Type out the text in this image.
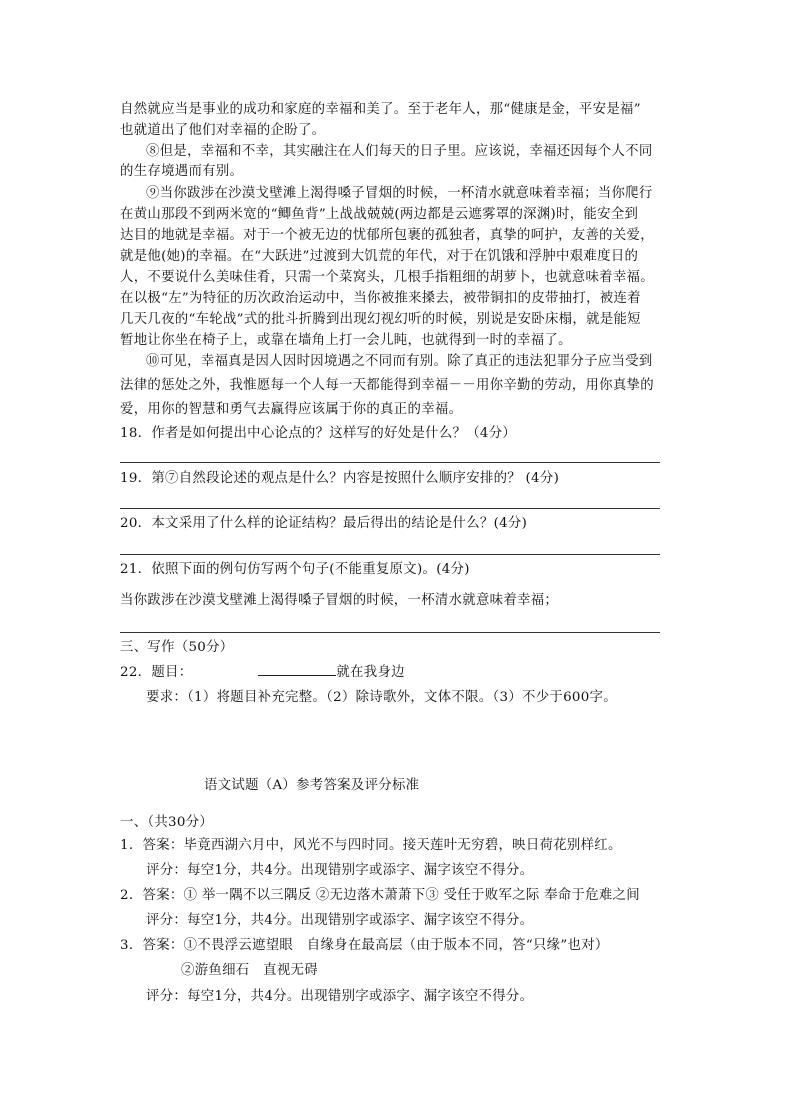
自然就应当是事业的成功和家庭的幸福和美了。至于老年人，那“健康是金，平安是福”
也就道出了他们对幸福的企盼了。
⑧但是，幸福和不幸，其实融注在人们每天的日子里。应该说，幸福还因每个人不同
的生存境遇而有别。
⑨当你跋涉在沙漠戈壁滩上渴得嗓子冒烟的时候，一杯清水就意味着幸福；当你爬行
在黄山那段不到两米宽的“鲫鱼背”上战战兢兢(两边都是云遮雾罩的深渊)时，能安全到
达目的地就是幸福。对于一个被无边的忧郁所包裹的孤独者，真挚的呵护，友善的关爱，
就是他(她)的幸福。在“大跃进”过渡到大饥荒的年代，对于在饥饿和浮肿中艰难度日的
人，不要说什么美味佳肴，只需一个菜窝头，几根手指粗细的胡萝卜，也就意味着幸福。
在以极“左”为特征的历次政治运动中，当你被推来搡去，被带铜扣的皮带抽打，被连着
几天几夜的“车轮战”式的批斗折腾到出现幻视幻听的时候，别说是安卧床榻，就是能短
暂地让你坐在椅子上，或靠在墙角上打一会儿盹，也就得到一时的幸福了。
⑩可见，幸福真是因人因时因境遇之不同而有别。除了真正的违法犯罪分子应当受到
法律的惩处之外，我惟愿每一个人每一天都能得到幸福－－用你辛勤的劳动，用你真挚的
爱，用你的智慧和勇气去赢得应该属于你的真正的幸福。
18．作者是如何提出中心论点的？这样写的好处是什么？（4分）
19．第⑦自然段论述的观点是什么？内容是按照什么顺序安排的？ (4分)
20．本文采用了什么样的论证结构？最后得出的结论是什么？(4分)
21．依照下面的例句仿写两个句子(不能重复原文)。(4分)
当你跋涉在沙漠戈壁滩上渴得嗓子冒烟的时候，一杯清水就意味着幸福；
三、写作（50分）
22．题目：	就在我身边
要求：（1）将题目补充完整。（2）除诗歌外，文体不限。（3）不少于600字。
语文试题（A）参考答案及评分标准
一、（共30分）
1．答案：毕竟西湖六月中，风光不与四时同。接天莲叶无穷碧，映日荷花别样红。
评分：每空1分，共4分。出现错别字或添字、漏字该空不得分。
2．答案：① 举一隅不以三隅反 ②无边落木萧萧下③ 受任于败军之际 奉命于危难之间
评分：每空1分，共4分。出现错别字或添字、漏字该空不得分。
3．答案：①不畏浮云遮望眼　自缘身在最高层（由于版本不同，答“只缘”也对）
②游鱼细石　直视无碍
评分：每空1分，共4分。出现错别字或添字、漏字该空不得分。
